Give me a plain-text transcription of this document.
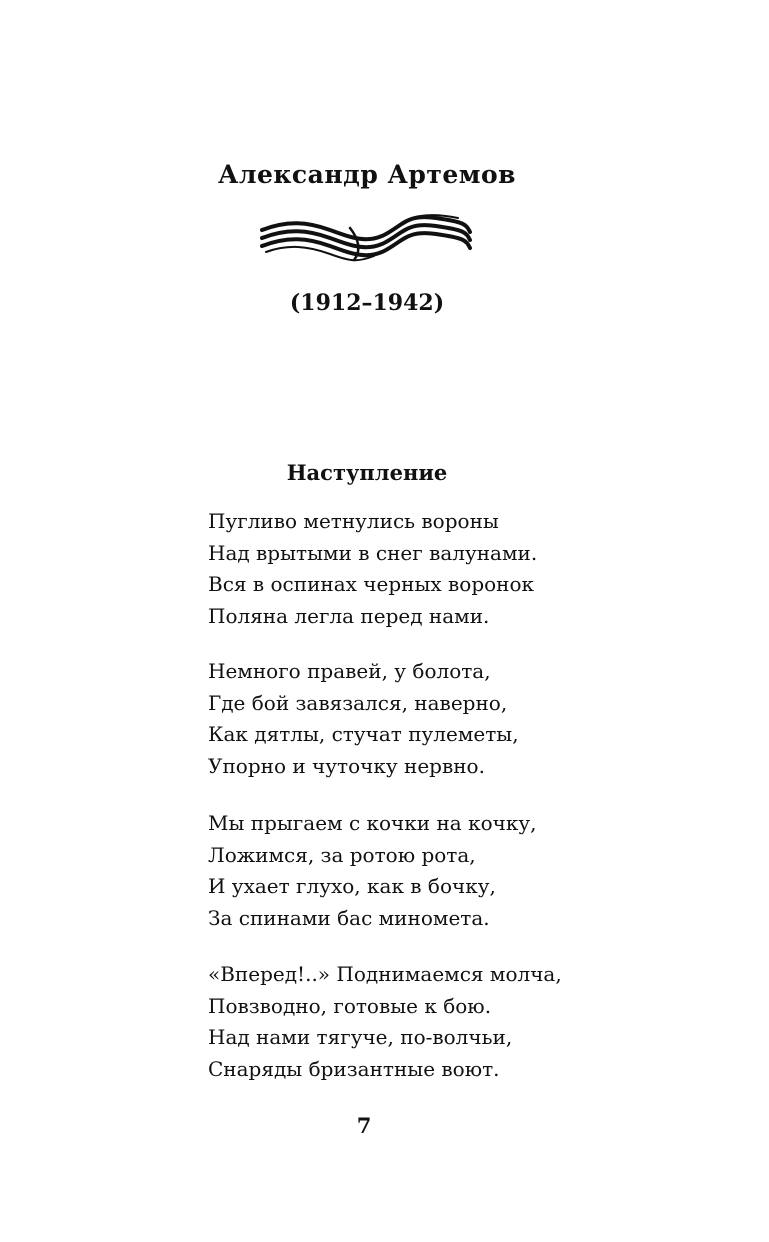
Александр Артемов
(1912–1942)
Наступление
Пугливо метнулись вороны
Над врытыми в снег валунами.
Вся в оспинах черных воронок
Поляна легла перед нами.
Немного правей, у болота,
Где бой завязался, наверно,
Как дятлы, стучат пулеметы,
Упорно и чуточку нервно.
Мы прыгаем с кочки на кочку,
Ложимся, за ротою рота,
И ухает глухо, как в бочку,
За спинами бас миномета.
«Вперед!..» Поднимаемся молча,
Повзводно, готовые к бою.
Над нами тягуче, по-волчьи,
Снаряды бризантные воют.
7
